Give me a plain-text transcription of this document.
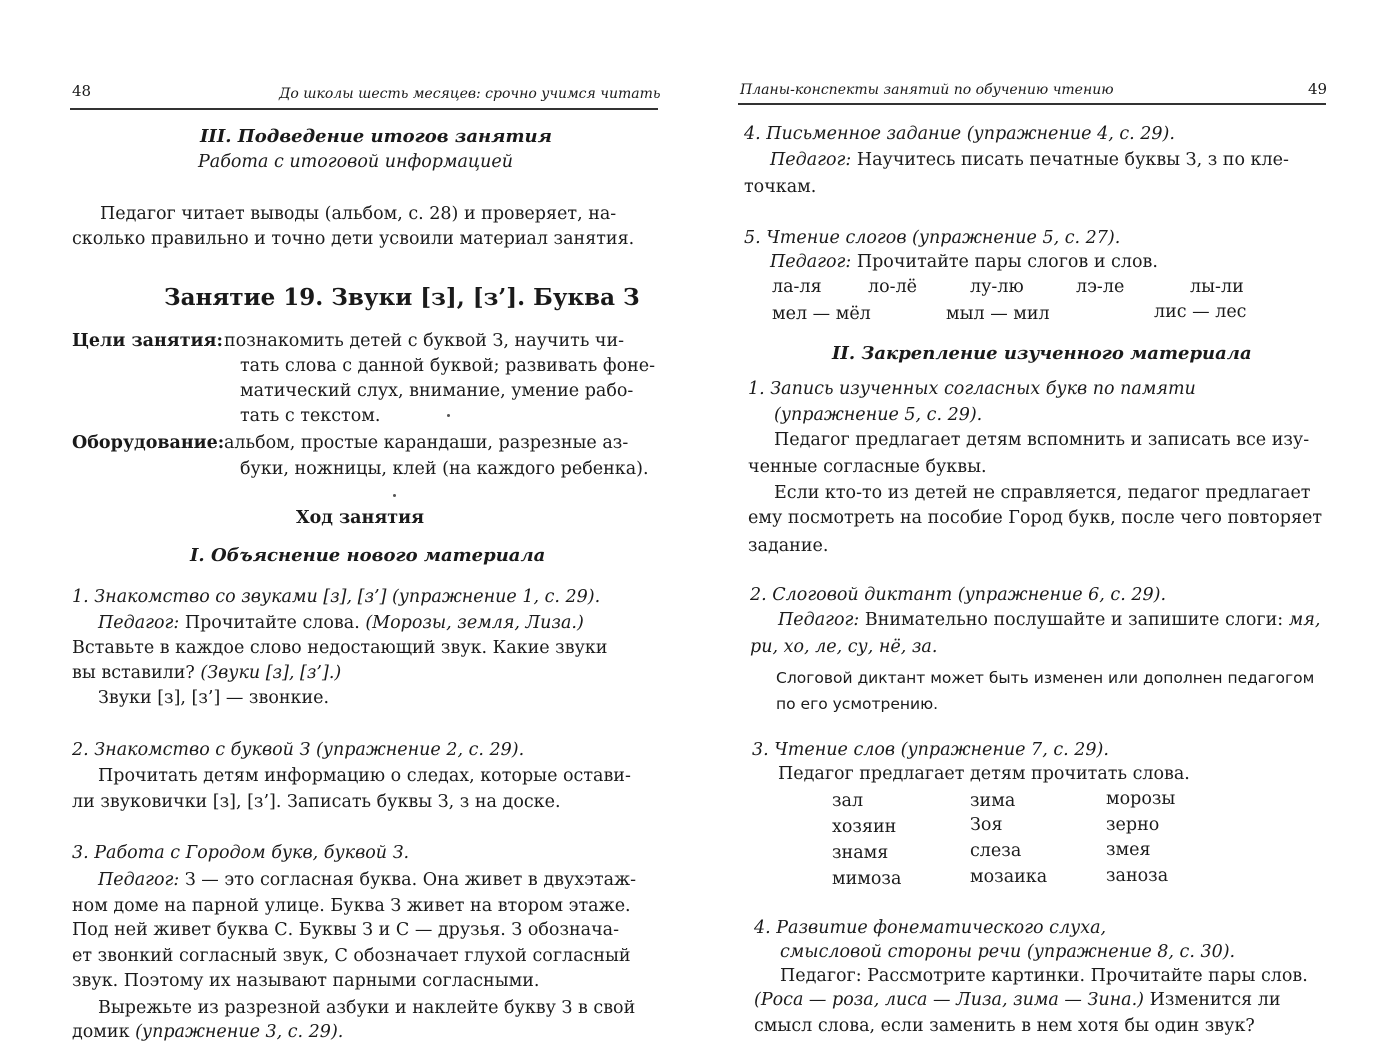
48	До школы шесть месяцев: срочно учимся читать
III. Подведение итогов занятия
Работа с итоговой информацией
Педагог читает выводы (альбом, с. 28) и проверяет, на-
сколько правильно и точно дети усвоили материал занятия.
Занятие 19. Звуки [з], [з’]. Буква З
Цели занятия: познакомить детей с буквой З, научить чи-
тать слова с данной буквой; развивать фоне-
матический слух, внимание, умение рабо-
тать с текстом.
Оборудование: альбом, простые карандаши, разрезные аз-
буки, ножницы, клей (на каждого ребенка).
Ход занятия
I. Объяснение нового материала
1. Знакомство со звуками [з], [з’] (упражнение 1, с. 29).
Педагог: Прочитайте слова. (Морозы, земля, Лиза.)
Вставьте в каждое слово недостающий звук. Какие звуки
вы вставили? (Звуки [з], [з’].)
Звуки [з], [з’] — звонкие.
2. Знакомство с буквой З (упражнение 2, с. 29).
Прочитать детям информацию о следах, которые остави-
ли звуковички [з], [з’]. Записать буквы З, з на доске.
3. Работа с Городом букв, буквой З.
Педагог: З — это согласная буква. Она живет в двухэтаж-
ном доме на парной улице. Буква З живет на втором этаже.
Под ней живет буква С. Буквы З и С — друзья. З обознача-
ет звонкий согласный звук, С обозначает глухой согласный
звук. Поэтому их называют парными согласными.
Вырежьте из разрезной азбуки и наклейте букву З в свой
домик (упражнение 3, с. 29).
Планы-конспекты занятий по обучению чтению	49
4. Письменное задание (упражнение 4, с. 29).
Педагог: Научитесь писать печатные буквы З, з по кле-
точкам.
5. Чтение слогов (упражнение 5, с. 27).
Педагог: Прочитайте пары слогов и слов.
ла-ля	ло-лё	лу-лю	лэ-ле	лы-ли
мел — мёл	мыл — мил	лис — лес
II. Закрепление изученного материала
1. Запись изученных согласных букв по памяти
(упражнение 5, с. 29).
Педагог предлагает детям вспомнить и записать все изу-
ченные согласные буквы.
Если кто-то из детей не справляется, педагог предлагает
ему посмотреть на пособие Город букв, после чего повторяет
задание.
2. Слоговой диктант (упражнение 6, с. 29).
Педагог: Внимательно послушайте и запишите слоги: мя,
ри, хо, ле, су, нё, за.
Слоговой диктант может быть изменен или дополнен педагогом
по его усмотрению.
3. Чтение слов (упражнение 7, с. 29).
Педагог предлагает детям прочитать слова.
зал	зима	морозы
хозяин	Зоя	зерно
знамя	слеза	змея
мимоза	мозаика	заноза
4. Развитие фонематического слуха,
смысловой стороны речи (упражнение 8, с. 30).
Педагог: Рассмотрите картинки. Прочитайте пары слов.
(Роса — роза, лиса — Лиза, зима — Зина.) Изменится ли
смысл слова, если заменить в нем хотя бы один звук?
